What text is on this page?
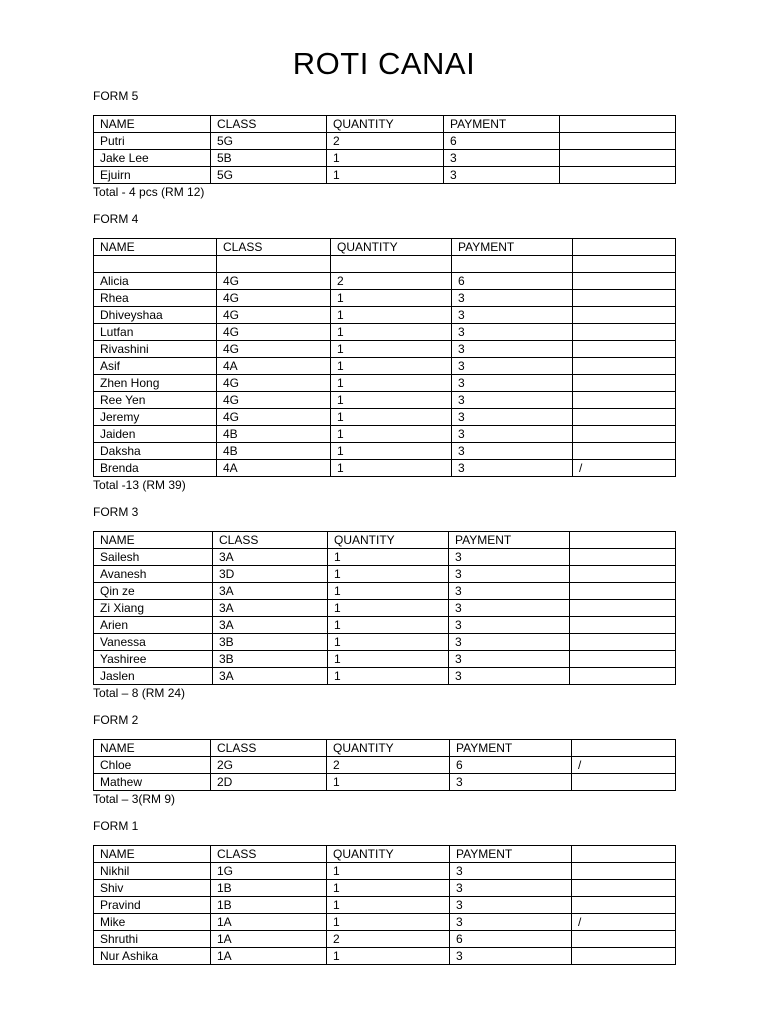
ROTI CANAI
FORM 5
NAME	CLASS	QUANTITY	PAYMENT	
Putri	5G	2	6	
Jake Lee	5B	1	3	
Ejuirn	5G	1	3	
Total - 4 pcs (RM 12)
FORM 4
NAME	CLASS	QUANTITY	PAYMENT	

Alicia	4G	2	6	
Rhea	4G	1	3	
Dhiveyshaa	4G	1	3	
Lutfan	4G	1	3	
Rivashini	4G	1	3	
Asif	4A	1	3	
Zhen Hong	4G	1	3	
Ree Yen	4G	1	3	
Jeremy	4G	1	3	
Jaiden	4B	1	3	
Daksha	4B	1	3	
Brenda	4A	1	3	/
Total -13 (RM 39)
FORM 3
NAME	CLASS	QUANTITY	PAYMENT	
Sailesh	3A	1	3	
Avanesh	3D	1	3	
Qin ze	3A	1	3	
Zi Xiang	3A	1	3	
Arien	3A	1	3	
Vanessa	3B	1	3	
Yashiree	3B	1	3	
Jaslen	3A	1	3	
Total – 8 (RM 24)
FORM 2
NAME	CLASS	QUANTITY	PAYMENT	
Chloe	2G	2	6	/
Mathew	2D	1	3	
Total – 3(RM 9)
FORM 1
NAME	CLASS	QUANTITY	PAYMENT	
Nikhil	1G	1	3	
Shiv	1B	1	3	
Pravind	1B	1	3	
Mike	1A	1	3	/
Shruthi	1A	2	6	
Nur Ashika	1A	1	3	
